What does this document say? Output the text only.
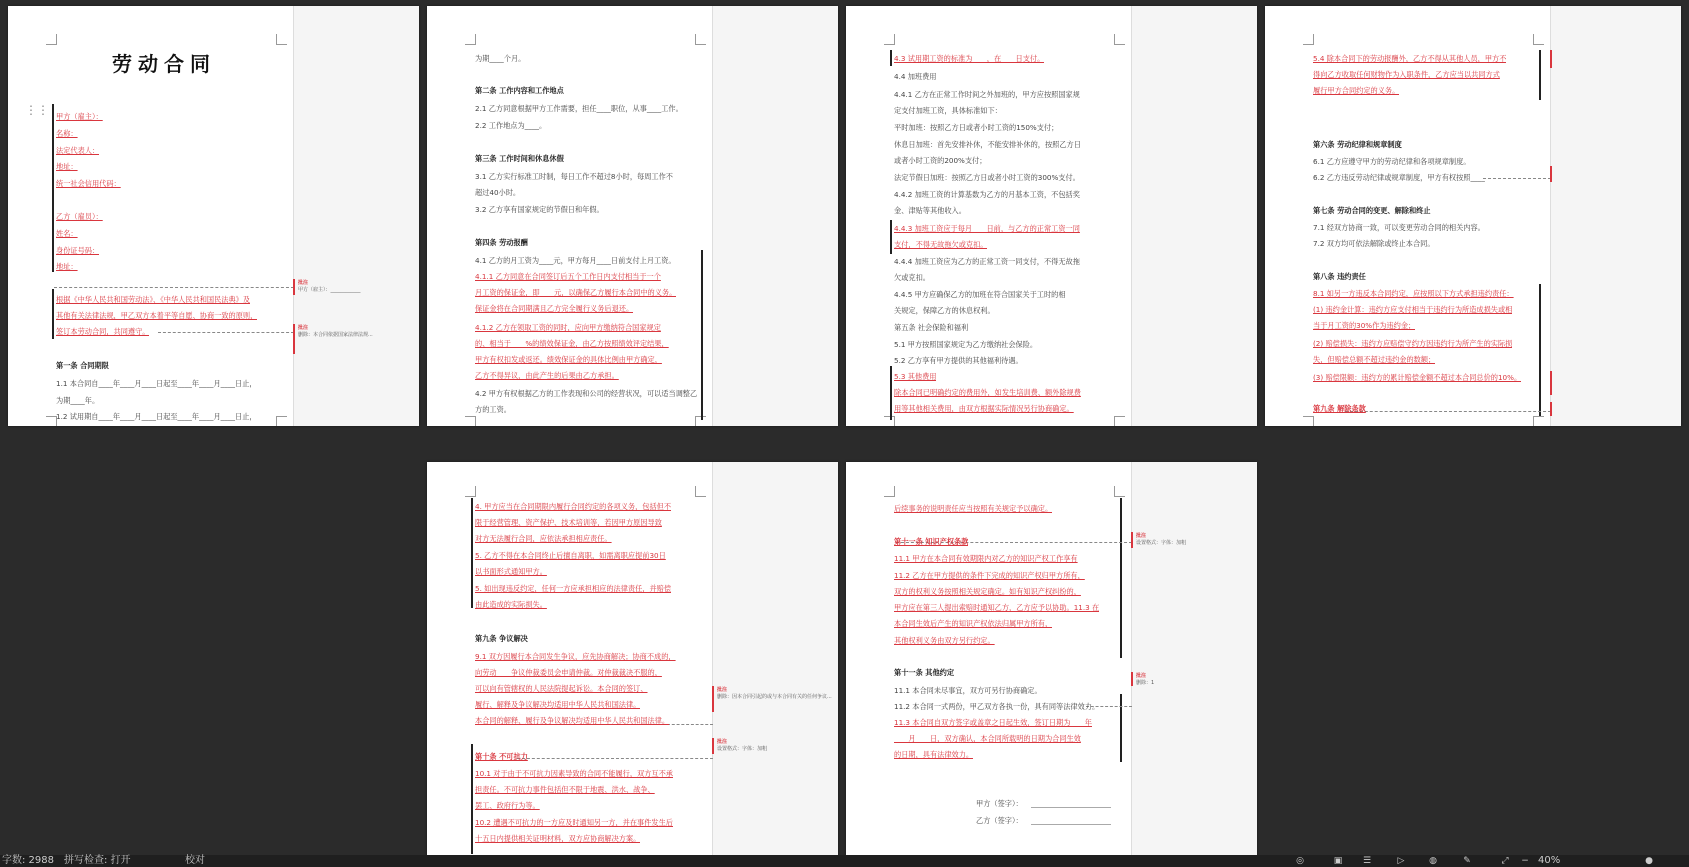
劳动合同
批注
甲方（雇主）：____________
批注
删除：本合同依据国家法律法规...
甲方（雇主）：
名称：
法定代表人：
地址：
统一社会信用代码：
乙方（雇员）：
姓名：
身份证号码：
地址：
根据《中华人民共和国劳动法》、《中华人民共和国民法典》及
其他有关法律法规，甲乙双方本着平等自愿、协商一致的原则，
签订本劳动合同，共同遵守。
第一条 合同期限
1.1 本合同自____年____月____日起至____年____月____日止，
为期____年。
1.2 试用期自____年____月____日起至____年____月____日止，
⋮⋮
为期____个月。
第二条 工作内容和工作地点
2.1 乙方同意根据甲方工作需要，担任____职位，从事____工作。
2.2 工作地点为____。
第三条 工作时间和休息休假
3.1 乙方实行标准工时制，每日工作不超过8小时，每周工作不
超过40小时。
3.2 乙方享有国家规定的节假日和年假。
第四条 劳动报酬
4.1 乙方的月工资为____元，甲方每月____日前支付上月工资。
4.1.1 乙方同意在合同签订后五个工作日内支付相当于一个
月工资的保证金，即____元，以确保乙方履行本合同中的义务。
保证金将在合同期满且乙方完全履行义务后退还。
4.1.2 乙方在领取工资的同时，应向甲方缴纳符合国家规定
的、相当于____%的绩效保证金，由乙方按照绩效评定结果，
甲方有权扣发或返还。绩效保证金的具体比例由甲方确定，
乙方不得异议，由此产生的后果由乙方承担。
4.2 甲方有权根据乙方的工作表现和公司的经营状况，可以适当调整乙
方的工资。
4.3 试用期工资的标准为____，在____日支付。
4.4 加班费用
4.4.1 乙方在正常工作时间之外加班的，甲方应按照国家规
定支付加班工资，具体标准如下：
平时加班：按照乙方日或者小时工资的150%支付；
休息日加班：首先安排补休，不能安排补休的，按照乙方日
或者小时工资的200%支付；
法定节假日加班：按照乙方日或者小时工资的300%支付。
4.4.2 加班工资的计算基数为乙方的月基本工资，不包括奖
金、津贴等其他收入。
4.4.3 加班工资应于每月____日前，与乙方的正常工资一同
支付，不得无故拖欠或克扣。
4.4.4 加班工资应为乙方的正常工资一同支付，不得无故拖
欠或克扣。
4.4.5 甲方应确保乙方的加班在符合国家关于工时的相
关规定，保障乙方的休息权利。
第五条 社会保险和福利
5.1 甲方按照国家规定为乙方缴纳社会保险。
5.2 乙方享有甲方提供的其他福利待遇。
5.3 其他费用
除本合同已明确约定的费用外，如发生培训费、额外除规费
用等其他相关费用，由双方根据实际情况另行协商确定。
5.4 除本合同下的劳动报酬外，乙方不得从其他人员，甲方不
得向乙方收取任何财物作为入职条件，乙方应当以共同方式
履行甲方合同约定的义务。
第六条 劳动纪律和规章制度
6.1 乙方应遵守甲方的劳动纪律和各项规章制度。
6.2 乙方违反劳动纪律或规章制度，甲方有权按照____
第七条 劳动合同的变更、解除和终止
7.1 经双方协商一致，可以变更劳动合同的相关内容。
7.2 双方均可依法解除或终止本合同。
第八条 违约责任
8.1 如另一方违反本合同约定，应按照以下方式承担违约责任：
(1) 违约金计算：违约方应支付相当于违约行为所造成损失或相
当于月工资的30%作为违约金；
(2) 赔偿损失：违约方应赔偿守约方因违约行为所产生的实际损
失，但赔偿总额不超过违约金的数额；
(3) 赔偿限额：违约方的累计赔偿金额不超过本合同总价的10%。
第九条 解除条款
批注
删除：因本合同引起的或与本合同有关的任何争议...
批注
设置格式：字体：加粗
4. 甲方应当在合同期限内履行合同约定的各项义务，包括但不
限于经营管理、资产保护、技术培训等，若因甲方原因导致
对方无法履行合同，应依法承担相应责任。
5. 乙方不得在本合同终止后擅自离职，如需离职应提前30日
以书面形式通知甲方。
5. 如出现违反约定，任何一方应承担相应的法律责任，并赔偿
由此造成的实际损失。
第九条 争议解决
9.1 双方因履行本合同发生争议，应先协商解决；协商不成的，
向劳动____争议仲裁委员会申请仲裁。对仲裁裁决不服的，
可以向有管辖权的人民法院提起诉讼。本合同的签订、
履行、解释及争议解决均适用中华人民共和国法律。
本合同的解释、履行及争议解决均适用中华人民共和国法律。
第十条 不可抗力
10.1 对于由于不可抗力因素导致的合同不能履行，双方互不承
担责任。不可抗力事件包括但不限于地震、洪水、战争、
罢工、政府行为等。
10.2 遭遇不可抗力的一方应及时通知另一方，并在事件发生后
十五日内提供相关证明材料，双方应协商解决方案。
批注
设置格式：字体：加粗
批注
删除：1
甲方（签字）：
乙方（签字）：
后续事务的说明责任应当按照有关规定予以确定。
第十一条 知识产权条款
11.1 甲方在本合同有效期限内对乙方的知识产权工作享有
11.2 乙方在甲方提供的条件下完成的知识产权归甲方所有，
双方的权利义务按照相关规定确定。如有知识产权纠纷的，
甲方应在第三人提出索赔时通知乙方，乙方应予以协助。11.3 在
本合同生效后产生的知识产权依法归属甲方所有，
其他权利义务由双方另行约定。
第十一条 其他约定
11.1 本合同未尽事宜，双方可另行协商确定。
11.2 本合同一式两份，甲乙双方各执一份，具有同等法律效力。
11.3 本合同自双方签字或盖章之日起生效，签订日期为____年
____月____日，双方确认，本合同所载明的日期为合同生效
的日期，具有法律效力。
字数: 2988 拼写检查: 打开	校对	◎	▣ ☰	▷	◍	✎	⤢ − 40%	●
